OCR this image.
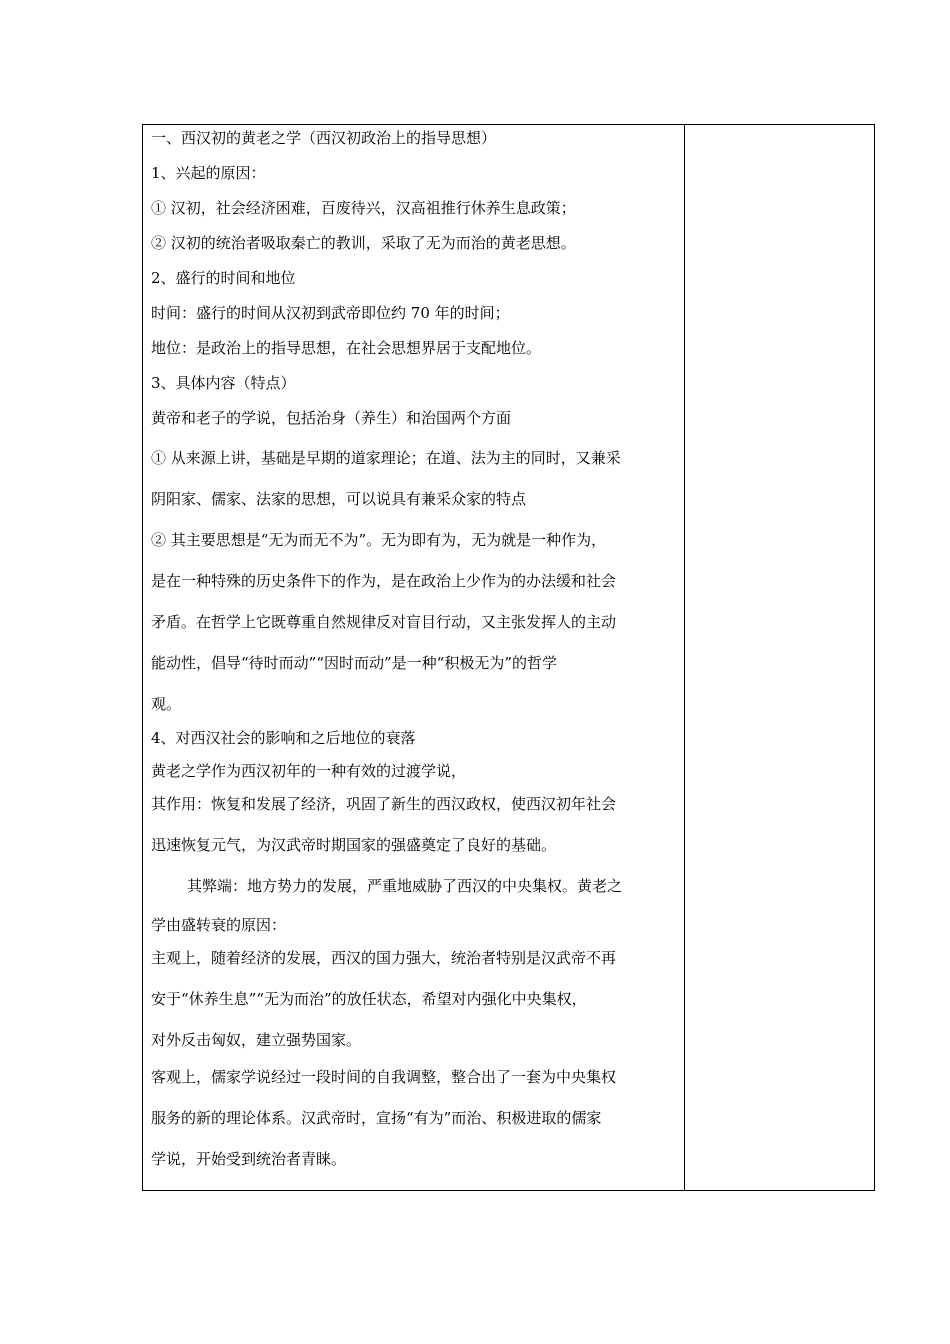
一、西汉初的黄老之学（西汉初政治上的指导思想）
1、兴起的原因：
① 汉初，社会经济困难，百废待兴，汉高祖推行休养生息政策；
② 汉初的统治者吸取秦亡的教训，采取了无为而治的黄老思想。
2、盛行的时间和地位
时间：盛行的时间从汉初到武帝即位约 70 年的时间；
地位：是政治上的指导思想，在社会思想界居于支配地位。
3、具体内容（特点）
黄帝和老子的学说，包括治身（养生）和治国两个方面
① 从来源上讲，基础是早期的道家理论；在道、法为主的同时，又兼采
阴阳家、儒家、法家的思想，可以说具有兼采众家的特点
② 其主要思想是“无为而无不为”。无为即有为，无为就是一种作为，
是在一种特殊的历史条件下的作为，是在政治上少作为的办法缓和社会
矛盾。在哲学上它既尊重自然规律反对盲目行动，又主张发挥人的主动
能动性，倡导“待时而动”“因时而动”是一种“积极无为”的哲学
观。
4、对西汉社会的影响和之后地位的衰落
黄老之学作为西汉初年的一种有效的过渡学说，
其作用：恢复和发展了经济，巩固了新生的西汉政权，使西汉初年社会
迅速恢复元气，为汉武帝时期国家的强盛奠定了良好的基础。
其弊端：地方势力的发展，严重地威胁了西汉的中央集权。黄老之
学由盛转衰的原因：
主观上，随着经济的发展，西汉的国力强大，统治者特别是汉武帝不再
安于“休养生息”“无为而治”的放任状态，希望对内强化中央集权，
对外反击匈奴，建立强势国家。
客观上，儒家学说经过一段时间的自我调整，整合出了一套为中央集权
服务的新的理论体系。汉武帝时，宣扬“有为”而治、积极进取的儒家
学说，开始受到统治者青睐。
